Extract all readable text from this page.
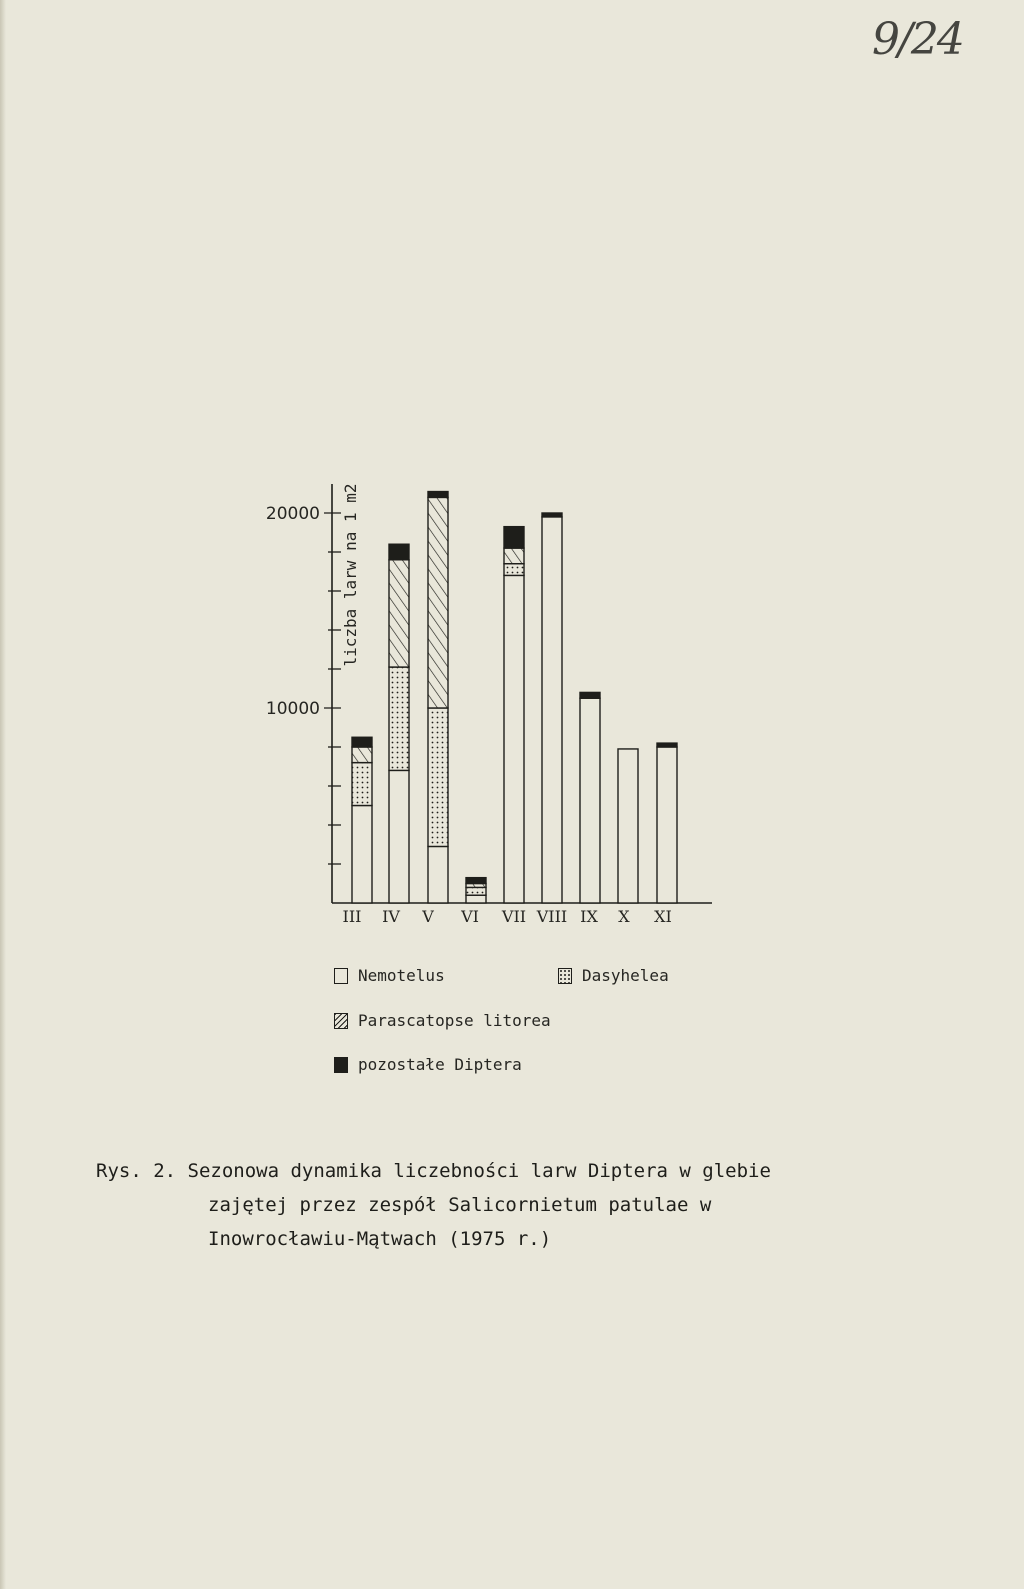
9/24
10000
20000 liczba larw na 1 m2
III IV V VI VII VIII IX X XI
Nemotelus	Dasyhelea
Parascatopse litorea
pozostałe Diptera
Rys. 2. Sezonowa dynamika liczebności larw Diptera w glebie
zajętej przez zespół Salicornietum patulae w
Inowrocławiu-Mątwach (1975 r.)
